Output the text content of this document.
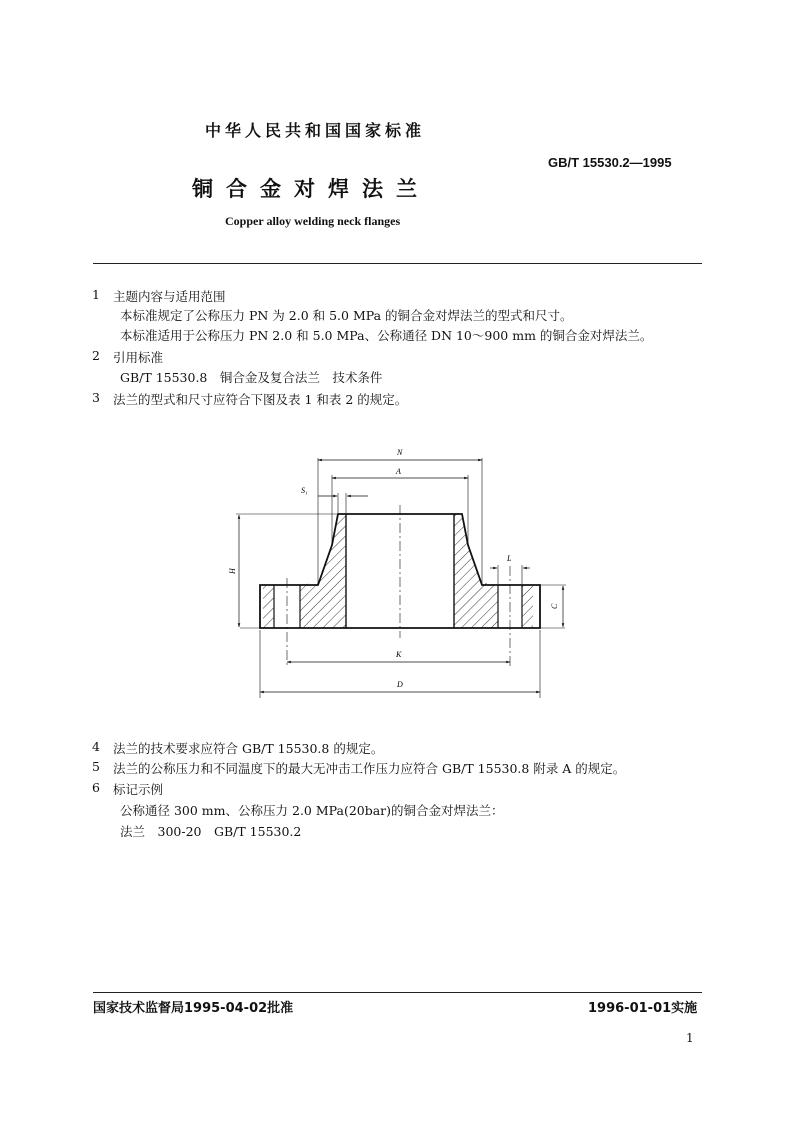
中华人民共和国国家标准
GB/T 15530.2—1995
铜合金对焊法兰
Copper alloy welding neck flanges
1 主题内容与适用范围
本标准规定了公称压力 PN 为 2.0 和 5.0 MPa 的铜合金对焊法兰的型式和尺寸。
本标准适用于公称压力 PN 2.0 和 5.0 MPa、公称通径 DN 10～900 mm 的铜合金对焊法兰。
2 引用标准
GB/T 15530.8　铜合金及复合法兰　技术条件
3 法兰的型式和尺寸应符合下图及表 1 和表 2 的规定。
N
A
S₁
H
L
C
K
D
4 法兰的技术要求应符合 GB/T 15530.8 的规定。
5 法兰的公称压力和不同温度下的最大无冲击工作压力应符合 GB/T 15530.8 附录 A 的规定。
6 标记示例
公称通径 300 mm、公称压力 2.0 MPa(20bar)的铜合金对焊法兰：
法兰　300-20　GB/T 15530.2
国家技术监督局1995-04-02批准	1996-01-01实施
1
